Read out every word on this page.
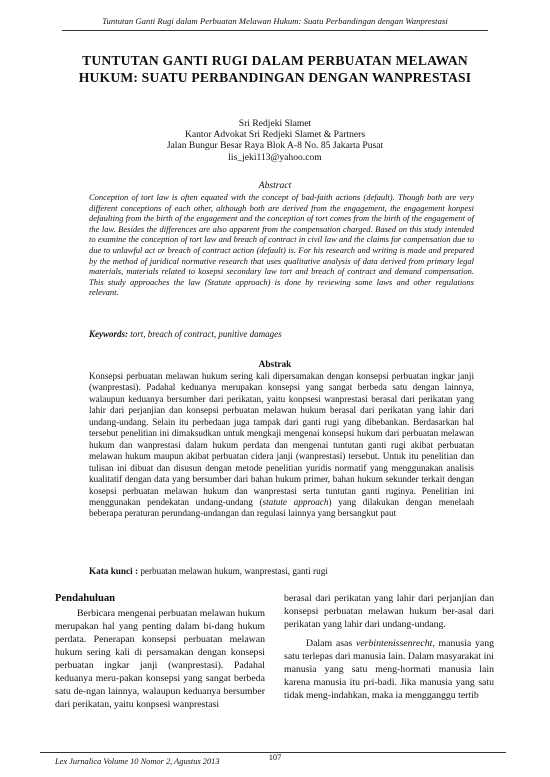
Tuntutan Ganti Rugi dalam Perbuatan Melawan Hukum: Suatu Perbandingan dengan Wanprestasi
TUNTUTAN GANTI RUGI DALAM PERBUATAN MELAWAN
HUKUM: SUATU PERBANDINGAN DENGAN WANPRESTASI
Sri Redjeki Slamet
Kantor Advokat Sri Redjeki Slamet & Partners
Jalan Bungur Besar Raya Blok A-8 No. 85 Jakarta Pusat
lis_jeki113@yahoo.com
Abstract
Conception of tort law is often equated with the concept of bad-faith actions (default). Though both are very different conceptions of each other, although both are derived from the engagement, the engagement konpesi defaulting from the birth of the engagement and the conception of tort comes from the birth of the engagement of the law. Besides the differences are also apparent from the compensation charged. Based on this study intended to examine the conception of tort law and breach of contract in civil law and the claims for compensation due to due to unlawful act or breach of contract action (default) is. For his research and writing is made and prepared by the method of juridical normative research that uses qualitative analysis of data derived from primary legal materials, materials related to kosepsi secondary law tort and breach of contract and demand compensation. This study approaches the law (Statute approach) is done by reviewing some laws and other regulations relevant.
Keywords: tort, breach of contract, punitive damages
Abstrak
Konsepsi perbuatan melawan hukum sering kali dipersamakan dengan konsepsi perbuatan ingkar janji (wanprestasi). Padahal keduanya merupakan konsepsi yang sangat berbeda satu dengan lainnya, walaupun keduanya bersumber dari perikatan, yaitu konpsesi wanprestasi berasal dari perikatan yang lahir dari perjanjian dan konsepsi perbuatan melawan hukum berasal dari perikatan yang lahir dari undang-undang. Selain itu perbedaan juga tampak dari ganti rugi yang dibebankan. Berdasarkan hal tersebut penelitian ini dimaksudkan untuk mengkaji mengenai konsepsi hukum dari perbuatan melawan hukum dan wanprestasi dalam hukum perdata dan mengenai tuntutan ganti rugi akibat perbuatan melawan hukum maupun akibat perbuatan cidera janji (wanprestasi) tersebut. Untuk itu penelitian dan tulisan ini dibuat dan disusun dengan metode penelitian yuridis normatif yang menggunakan analisis kualitatif dengan data yang bersumber dari bahan hukum primer, bahan hukum sekunder terkait dengan kosepsi perbuatan melawan hukum dan wanprestasi serta tuntutan ganti ruginya. Penelitian ini menggunakan pendekatan undang-undang (statute approach) yang dilakukan dengan menelaah beberapa peraturan perundang-undangan dan regulasi lainnya yang bersangkut paut
Kata kunci : perbuatan melawan hukum, wanprestasi, ganti rugi
Pendahuluan

Berbicara mengenai perbuatan melawan hukum merupakan hal yang penting dalam bi-dang hukum perdata. Penerapan konsepsi perbuatan melawan hukum sering kali di persamakan dengan konsepsi perbuatan ingkar janji (wanprestasi). Padahal keduanya meru-pakan konsepsi yang sangat berbeda satu de-ngan lainnya, walaupun keduanya bersumber dari perikatan, yaitu konpsesi wanprestasi

berasal dari perikatan yang lahir dari perjanjian dan konsepsi perbuatan melawan hukum ber-asal dari perikatan yang lahir dari undang-undang.

Dalam asas verbintenissenrecht, manusia yang satu terlepas dari manusia lain. Dalam masyarakat ini manusia yang satu meng-hormati manusia lain karena manusia itu pri-badi. Jika manusia yang satu tidak meng-indahkan, maka ia mengganggu tertib

Lex Jurnalica Volume 10 Nomor 2, Agustus 2013	107
